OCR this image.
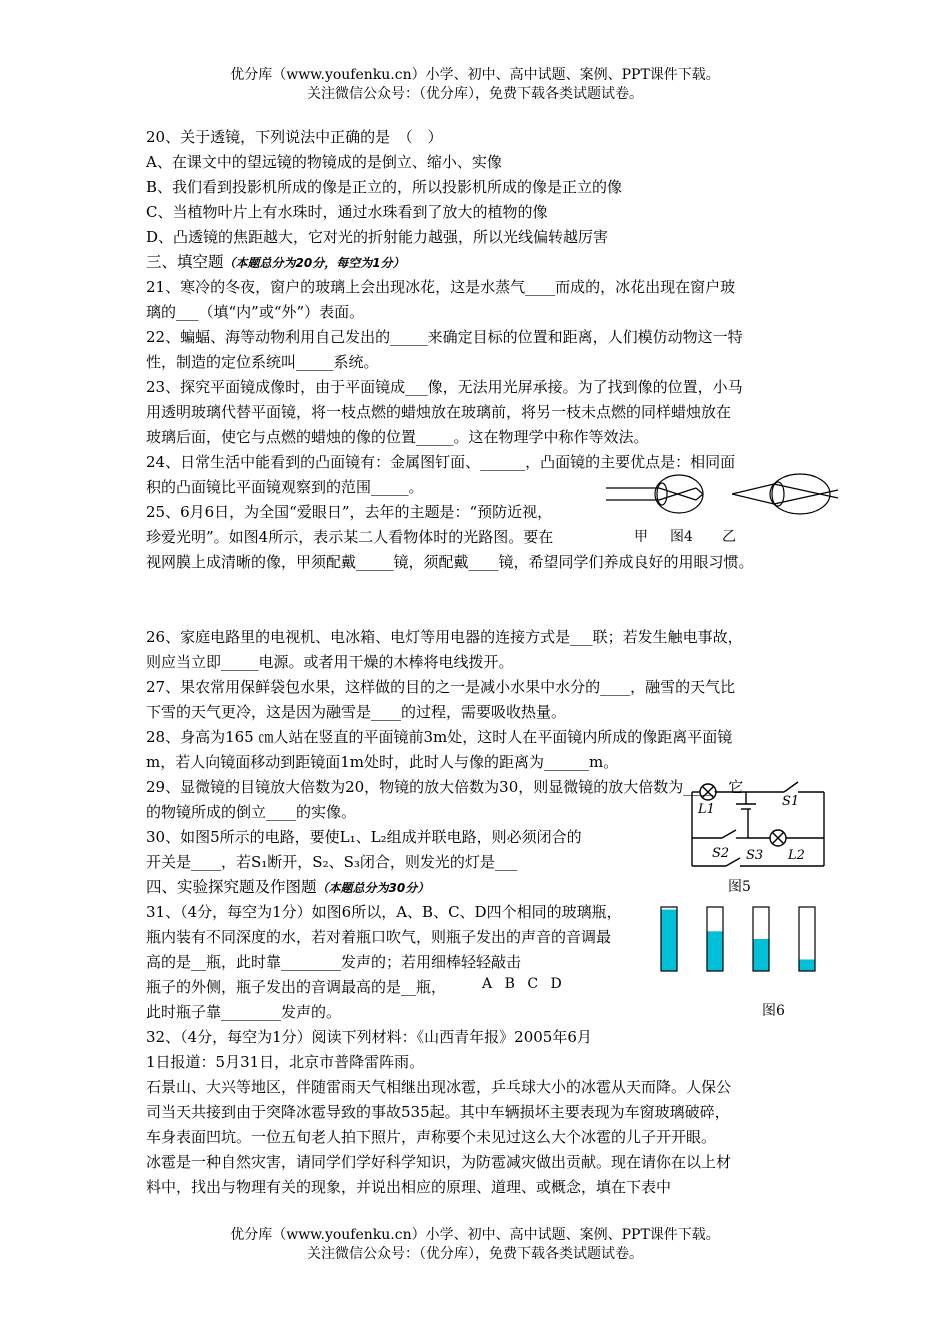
优分库（www.youfenku.cn）小学、初中、高中试题、案例、PPT课件下载。
关注微信公众号：（优分库），免费下载各类试题试卷。
20、关于透镜，下列说法中正确的是　（　）
A、在课文中的望远镜的物镜成的是倒立、缩小、实像
B、我们看到投影机所成的像是正立的，所以投影机所成的像是正立的像
C、当植物叶片上有水珠时，通过水珠看到了放大的植物的像
D、凸透镜的焦距越大，它对光的折射能力越强，所以光线偏转越厉害
21、寒冷的冬夜，窗户的玻璃上会出现冰花，这是水蒸气____而成的，冰花出现在窗户玻
璃的___（填“内”或“外”）表面。
22、蝙蝠、海等动物利用自己发出的_____来确定目标的位置和距离，人们模仿动物这一特
性，制造的定位系统叫_____系统。
23、探究平面镜成像时，由于平面镜成___像，无法用光屏承接。为了找到像的位置，小马
用透明玻璃代替平面镜，将一枝点燃的蜡烛放在玻璃前，将另一枝未点燃的同样蜡烛放在
玻璃后面，使它与点燃的蜡烛的像的位置_____。这在物理学中称作等效法。
24、日常生活中能看到的凸面镜有：金属图钉面、______，凸面镜的主要优点是：相同面
积的凸面镜比平面镜观察到的范围_____。
25、6月6日，为全国“爱眼日”，去年的主题是：“预防近视，
珍爱光明”。如图4所示，表示某二人看物体时的光路图。要在
视网膜上成清晰的像，甲须配戴_____镜，须配戴____镜，希望同学们养成良好的用眼习惯。
26、家庭电路里的电视机、电冰箱、电灯等用电器的连接方式是___联；若发生触电事故，
则应当立即_____电源。或者用干燥的木棒将电线拨开。
27、果农常用保鲜袋包水果，这样做的目的之一是减小水果中水分的____，融雪的天气比
下雪的天气更冷，这是因为融雪是____的过程，需要吸收热量。
28、身高为165 ㎝人站在竖直的平面镜前3m处，这时人在平面镜内所成的像距离平面镜
m，若人向镜面移动到距镜面1m处时，此时人与像的距离为______m。
29、显微镜的目镜放大倍数为20，物镜的放大倍数为30，则显微镜的放大倍数为____，它
的物镜所成的倒立____的实像。
30、如图5所示的电路，要使L₁、L₂组成并联电路，则必须闭合的
开关是____，若S₁断开，S₂、S₃闭合，则发光的灯是___
31、（4分，每空为1分）如图6所以，A、B、C、D四个相同的玻璃瓶，
瓶内装有不同深度的水，若对着瓶口吹气，则瓶子发出的声音的音调最
高的是__瓶，此时靠________发声的；若用细棒轻轻敲击
瓶子的外侧，瓶子发出的音调最高的是__瓶，
此时瓶子靠________发声的。
32、（4分，每空为1分）阅读下列材料：《山西青年报》2005年6月
1日报道：5月31日，北京市普降雷阵雨。
石景山、大兴等地区，伴随雷雨天气相继出现冰雹，乒乓球大小的冰雹从天而降。人保公
司当天共接到由于突降冰雹导致的事故535起。其中车辆损坏主要表现为车窗玻璃破碎，
车身表面凹坑。一位五旬老人拍下照片，声称要个未见过这么大个冰雹的儿子开开眼。
冰雹是一种自然灾害，请同学们学好科学知识，为防雹减灾做出贡献。现在请你在以上材
料中，找出与物理有关的现象，并说出相应的原理、道理、或概念，填在下表中
三、填空题（本题总分为20分，每空为1分）
四、实验探究题及作图题（本题总分为30分）
甲 图4 乙
L1
S1
S2 S3 L2
图5
A B C D
图6
优分库（www.youfenku.cn）小学、初中、高中试题、案例、PPT课件下载。
关注微信公众号：（优分库），免费下载各类试题试卷。
